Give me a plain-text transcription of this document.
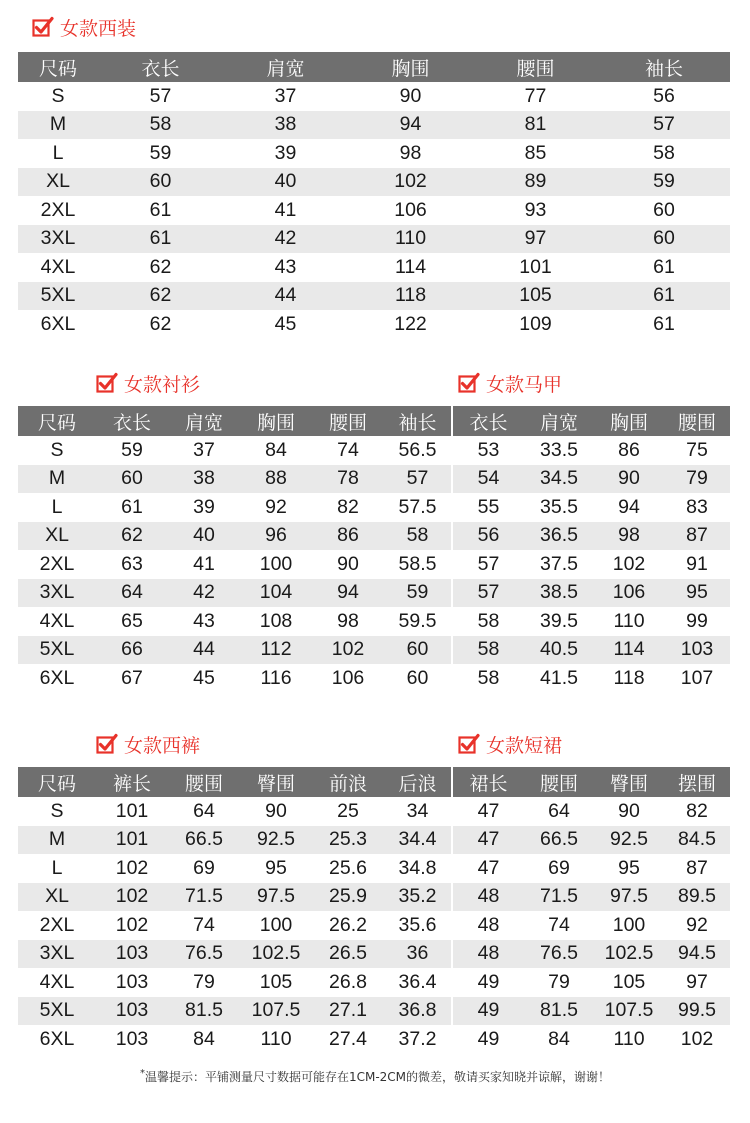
女款西装
尺码	衣长	肩宽	胸围	腰围	袖长
S	57	37	90	77	56
M	58	38	94	81	57
L	59	39	98	85	58
XL	60	40	102	89	59
2XL	61	41	106	93	60
3XL	61	42	110	97	60
4XL	62	43	114	101	61
5XL	62	44	118	105	61
6XL	62	45	122	109	61
女款衬衫	女款马甲
尺码	衣长	肩宽	胸围	腰围	袖长	衣长	肩宽	胸围	腰围
S	59	37	84	74	56.5	53	33.5	86	75
M	60	38	88	78	57	54	34.5	90	79
L	61	39	92	82	57.5	55	35.5	94	83
XL	62	40	96	86	58	56	36.5	98	87
2XL	63	41	100	90	58.5	57	37.5	102	91
3XL	64	42	104	94	59	57	38.5	106	95
4XL	65	43	108	98	59.5	58	39.5	110	99
5XL	66	44	112	102	60	58	40.5	114	103
6XL	67	45	116	106	60	58	41.5	118	107
女款西裤	女款短裙
尺码	裤长	腰围	臀围	前浪	后浪	裙长	腰围	臀围	摆围
S	101	64	90	25	34	47	64	90	82
M	101	66.5	92.5	25.3	34.4	47	66.5	92.5	84.5
L	102	69	95	25.6	34.8	47	69	95	87
XL	102	71.5	97.5	25.9	35.2	48	71.5	97.5	89.5
2XL	102	74	100	26.2	35.6	48	74	100	92
3XL	103	76.5	102.5	26.5	36	48	76.5	102.5	94.5
4XL	103	79	105	26.8	36.4	49	79	105	97
5XL	103	81.5	107.5	27.1	36.8	49	81.5	107.5	99.5
6XL	103	84	110	27.4	37.2	49	84	110	102
*温馨提示：平铺测量尺寸数据可能存在1CM-2CM的微差，敬请买家知晓并谅解，谢谢！
